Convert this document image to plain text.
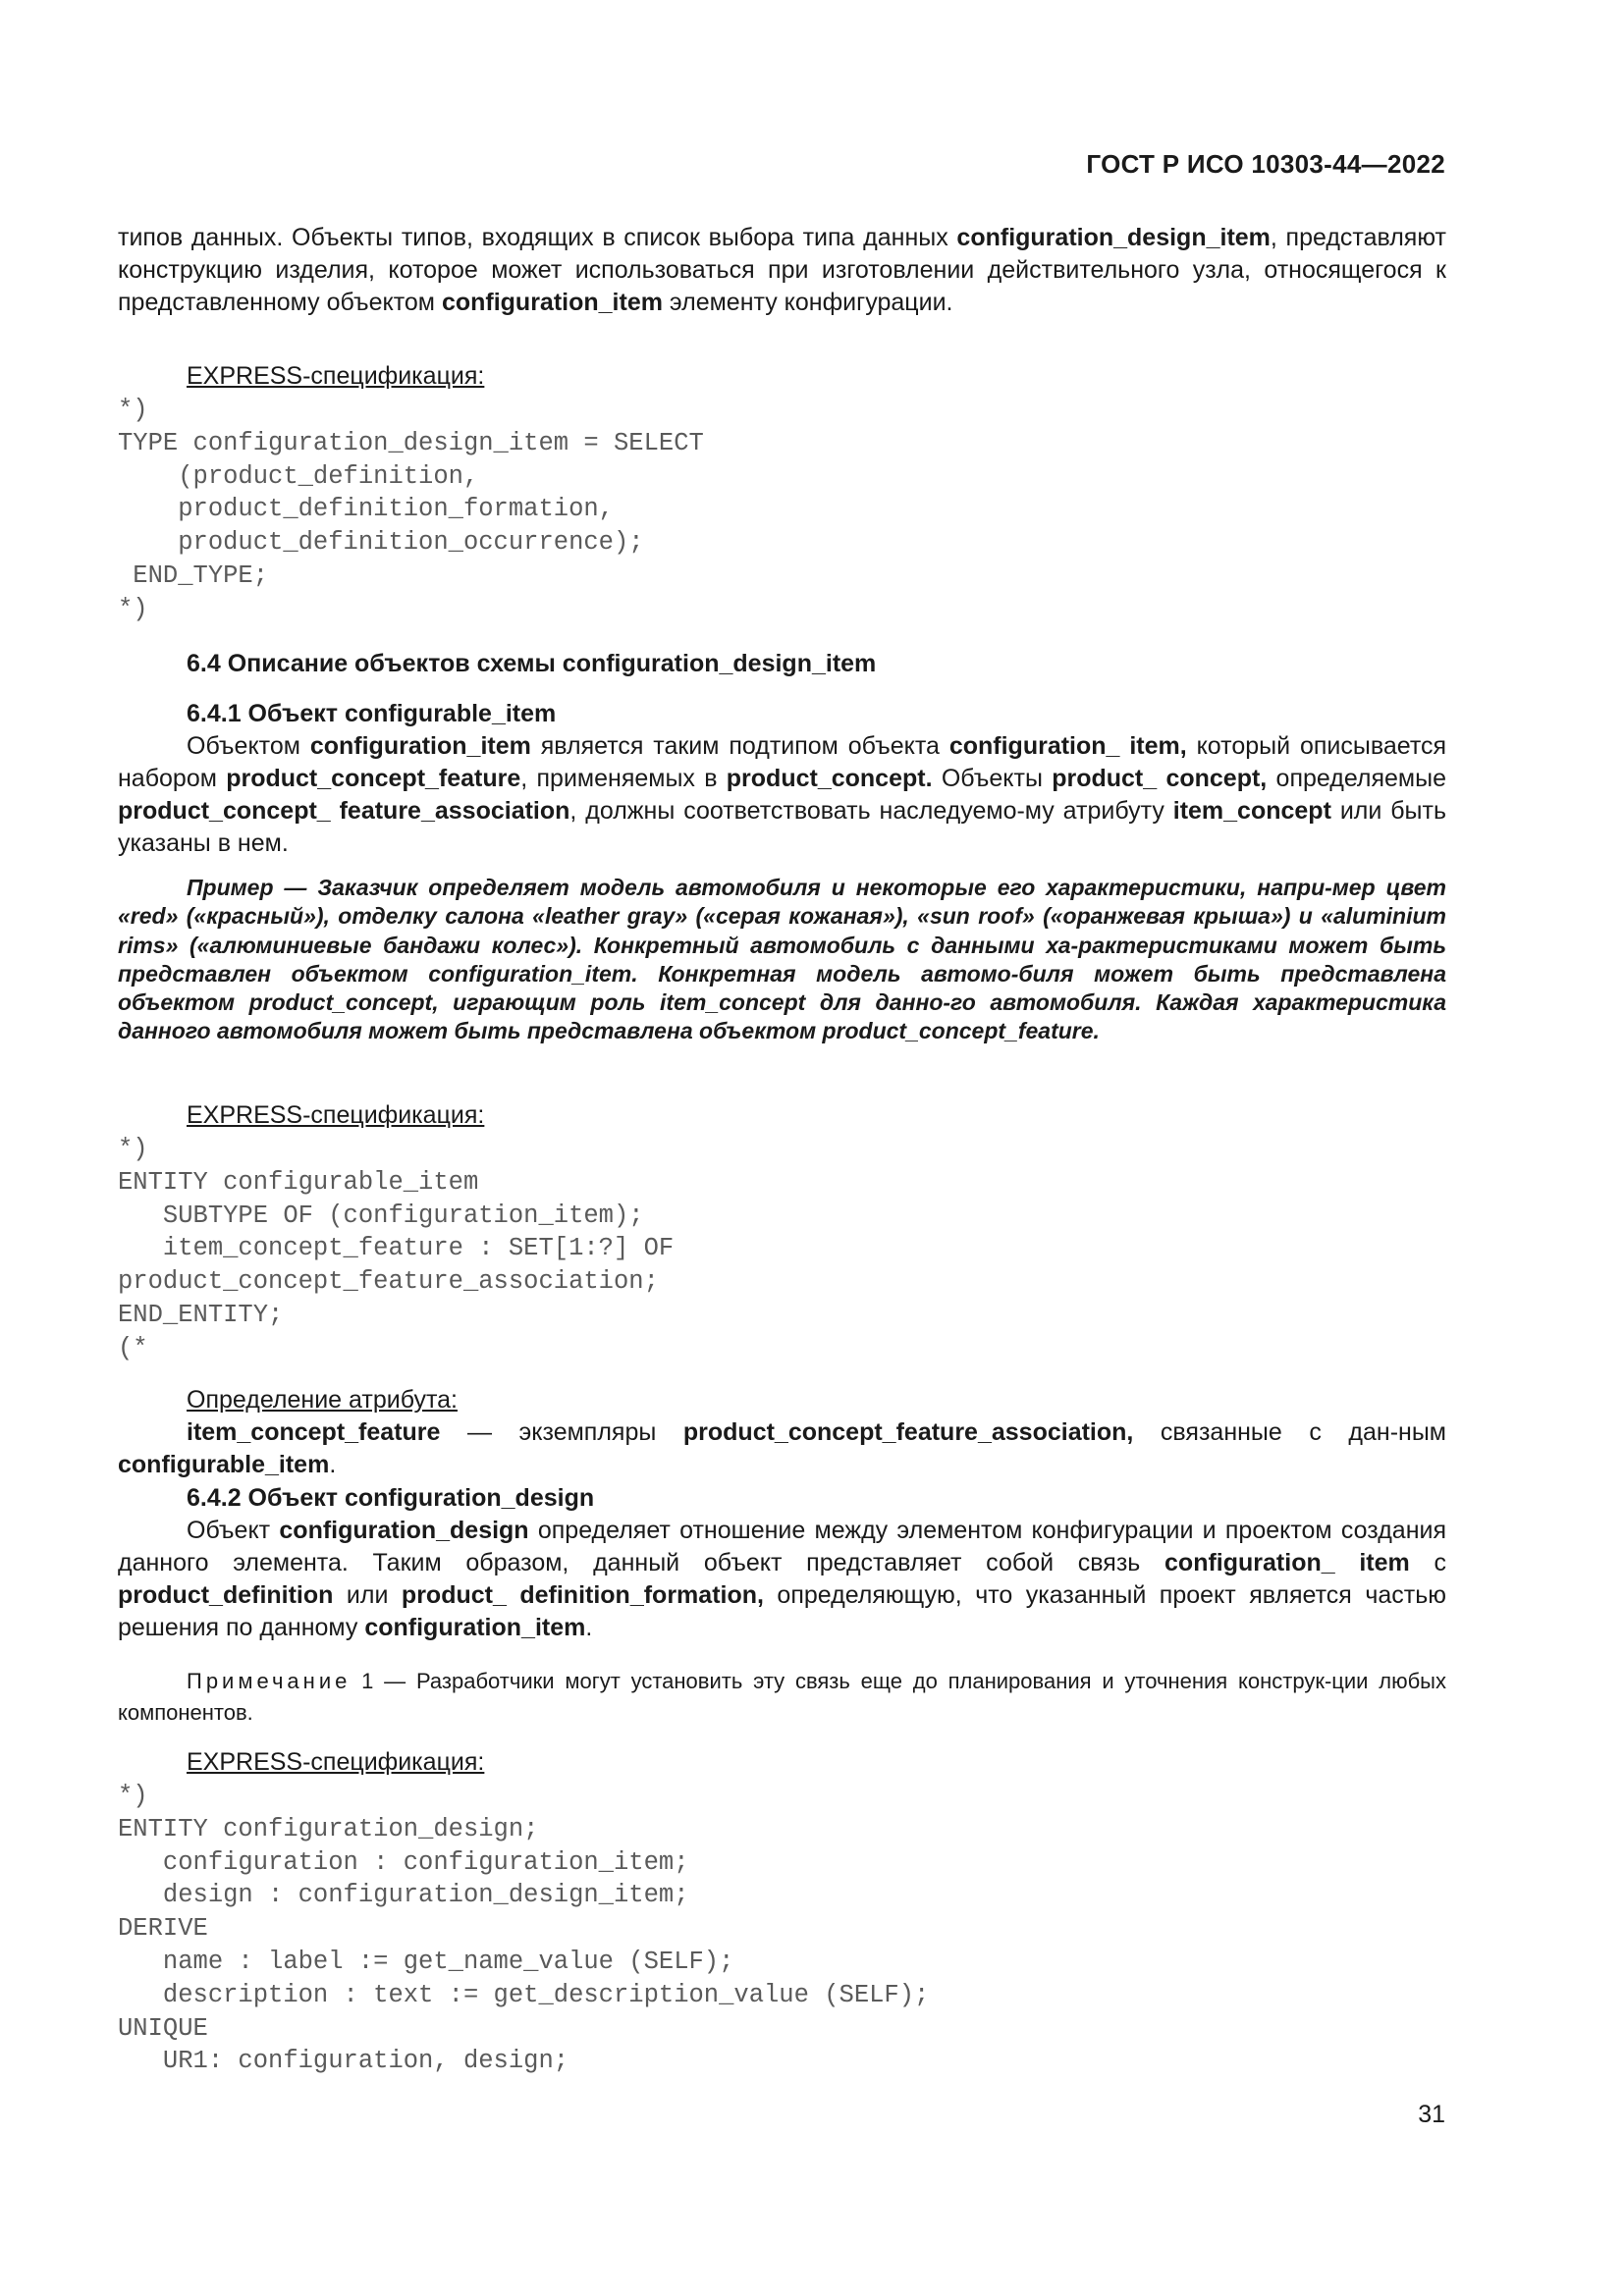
ГОСТ Р ИСО 10303-44—2022

типов данных. Объекты типов, входящих в список выбора типа данных configuration_design_item, представляют конструкцию изделия, которое может использоваться при изготовлении действительного узла, относящегося к представленному объектом configuration_item элементу конфигурации.

EXPRESS-спецификация:
*)
TYPE configuration_design_item = SELECT
(product_definition,
product_definition_formation,
product_definition_occurrence);
END_TYPE;
*)
6.4 Описание объектов схемы configuration_design_item
6.4.1 Объект configurable_item

Объектом configuration_item является таким подтипом объекта configuration_ item, который описывается набором product_concept_feature, применяемых в product_concept. Объекты product_ concept, определяемые product_concept_ feature_association, должны соответствовать наследуемо-му атрибуту item_concept или быть указаны в нем.

Пример — Заказчик определяет модель автомобиля и некоторые его характеристики, напри-мер цвет «red» («красный»), отделку салона «leather gray» («серая кожаная»), «sun roof» («оранжевая крыша») и «aluminium rims» («алюминиевые бандажи колес»). Конкретный автомобиль с данными ха-рактеристиками может быть представлен объектом configuration_item. Конкретная модель автомо-биля может быть представлена объектом product_concept, играющим роль item_concept для данно-го автомобиля. Каждая характеристика данного автомобиля может быть представлена объектом product_concept_feature.

EXPRESS-спецификация:
*)
ENTITY configurable_item
SUBTYPE OF (configuration_item);
item_concept_feature : SET[1:?] OF
product_concept_feature_association;
END_ENTITY;
(*
Определение атрибута:

item_concept_feature — экземпляры product_concept_feature_association, связанные с дан-ным configurable_item.

6.4.2 Объект configuration_design

Объект configuration_design определяет отношение между элементом конфигурации и проектом создания данного элемента. Таким образом, данный объект представляет собой связь configuration_ item с product_definition или product_ definition_formation, определяющую, что указанный проект является частью решения по данному configuration_item.

Примечание 1 — Разработчики могут установить эту связь еще до планирования и уточнения конструк-ции любых компонентов.

EXPRESS-спецификация:
*)
ENTITY configuration_design;
configuration : configuration_item;
design : configuration_design_item;
DERIVE
name : label := get_name_value (SELF);
description : text := get_description_value (SELF);
UNIQUE
UR1: configuration, design;
31
